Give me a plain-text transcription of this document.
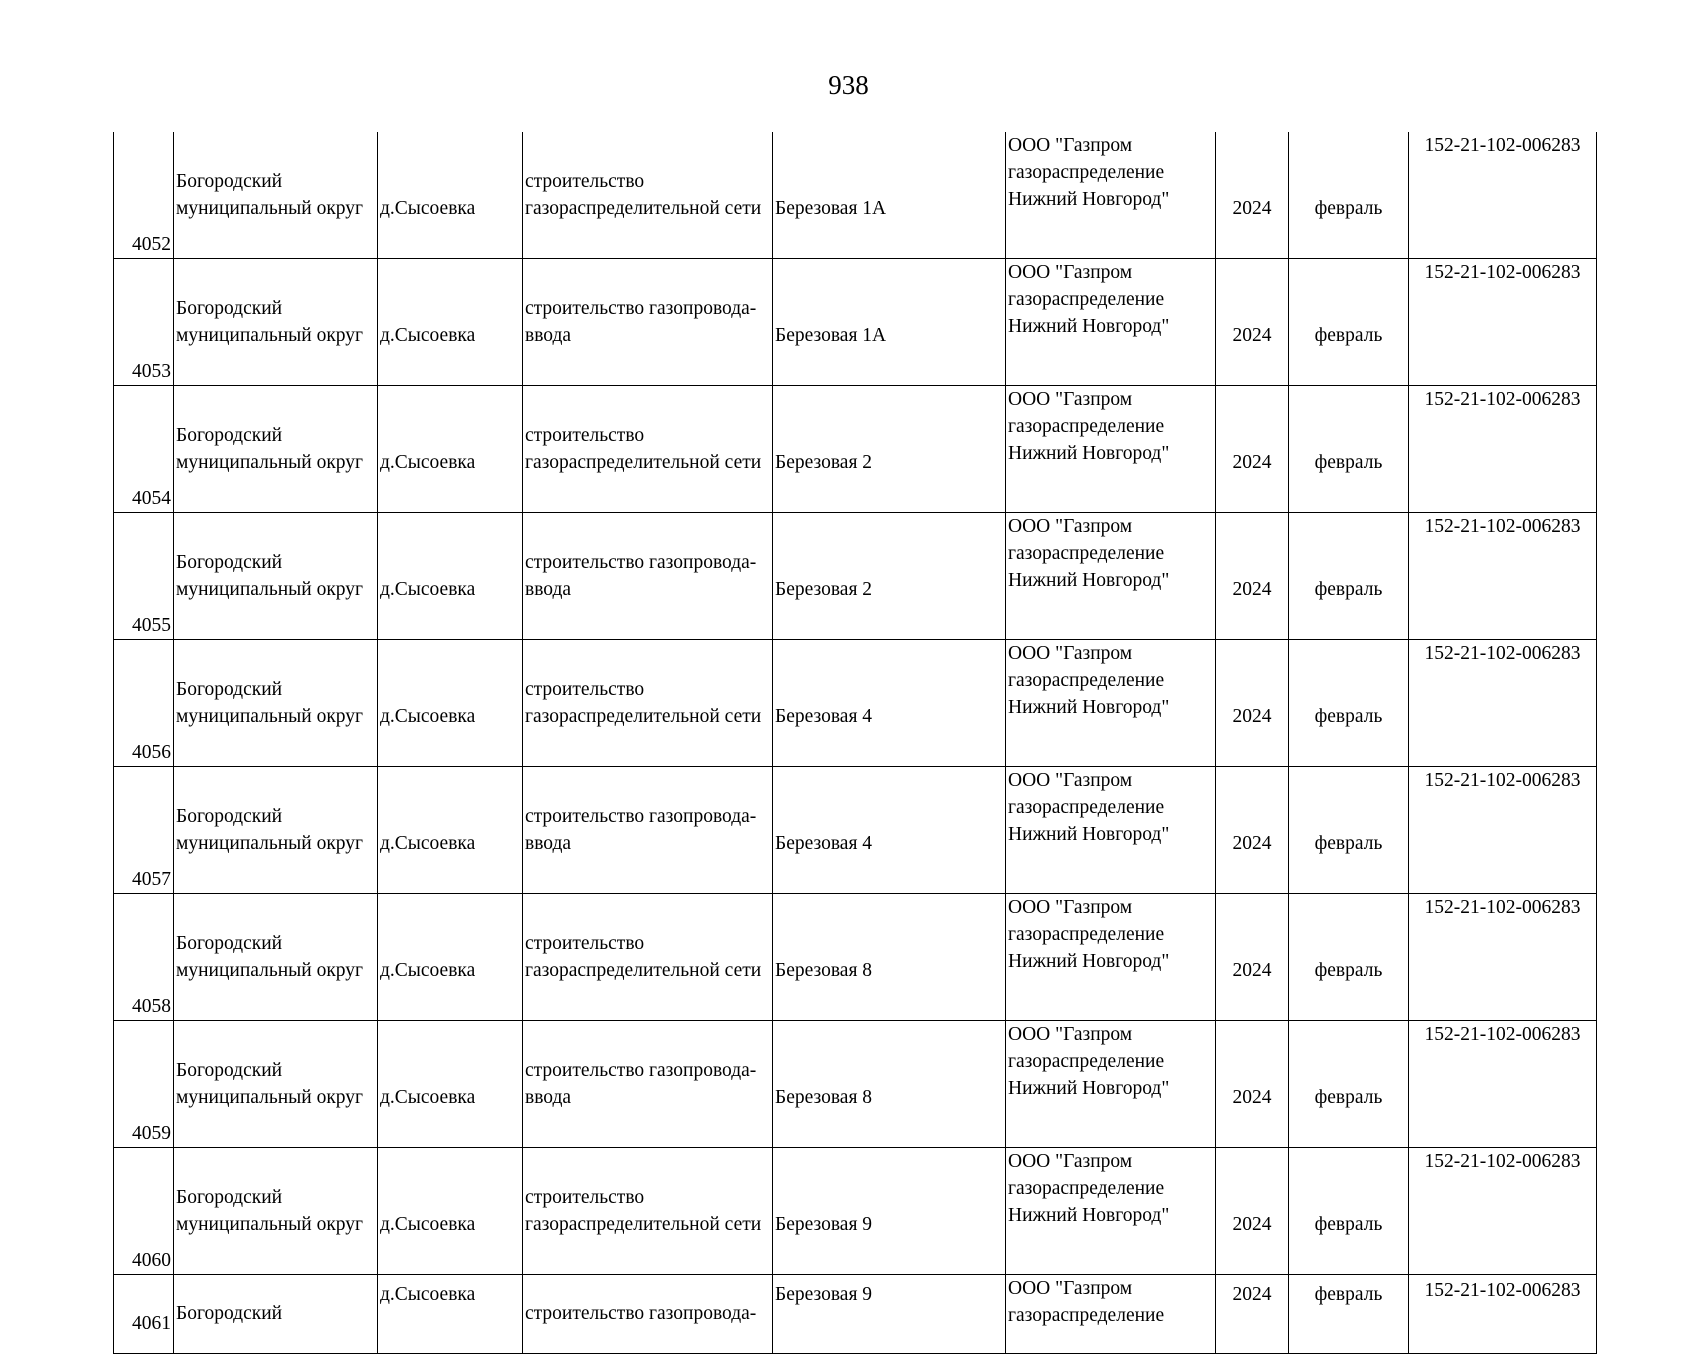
938
4052	Богородский
муниципальный округ	д.Сысоевка	строительство
газораспределительной сети	Березовая 1А	ООО "Газпром
газораспределение
Нижний Новгород"	2024	февраль	152-21-102-006283

4053	Богородский
муниципальный округ	д.Сысоевка	строительство газопровода-
ввода	Березовая 1А	ООО "Газпром
газораспределение
Нижний Новгород"	2024	февраль	152-21-102-006283

4054	Богородский
муниципальный округ	д.Сысоевка	строительство
газораспределительной сети	Березовая 2	ООО "Газпром
газораспределение
Нижний Новгород"	2024	февраль	152-21-102-006283

4055	Богородский
муниципальный округ	д.Сысоевка	строительство газопровода-
ввода	Березовая 2	ООО "Газпром
газораспределение
Нижний Новгород"	2024	февраль	152-21-102-006283

4056	Богородский
муниципальный округ	д.Сысоевка	строительство
газораспределительной сети	Березовая 4	ООО "Газпром
газораспределение
Нижний Новгород"	2024	февраль	152-21-102-006283

4057	Богородский
муниципальный округ	д.Сысоевка	строительство газопровода-
ввода	Березовая 4	ООО "Газпром
газораспределение
Нижний Новгород"	2024	февраль	152-21-102-006283

4058	Богородский
муниципальный округ	д.Сысоевка	строительство
газораспределительной сети	Березовая 8	ООО "Газпром
газораспределение
Нижний Новгород"	2024	февраль	152-21-102-006283

4059	Богородский
муниципальный округ	д.Сысоевка	строительство газопровода-
ввода	Березовая 8	ООО "Газпром
газораспределение
Нижний Новгород"	2024	февраль	152-21-102-006283

4060	Богородский
муниципальный округ	д.Сысоевка	строительство
газораспределительной сети	Березовая 9	ООО "Газпром
газораспределение
Нижний Новгород"	2024	февраль	152-21-102-006283

4061	Богородский	д.Сысоевка	строительство газопровода-	Березовая 9	ООО "Газпром
газораспределение	2024	февраль	152-21-102-006283
